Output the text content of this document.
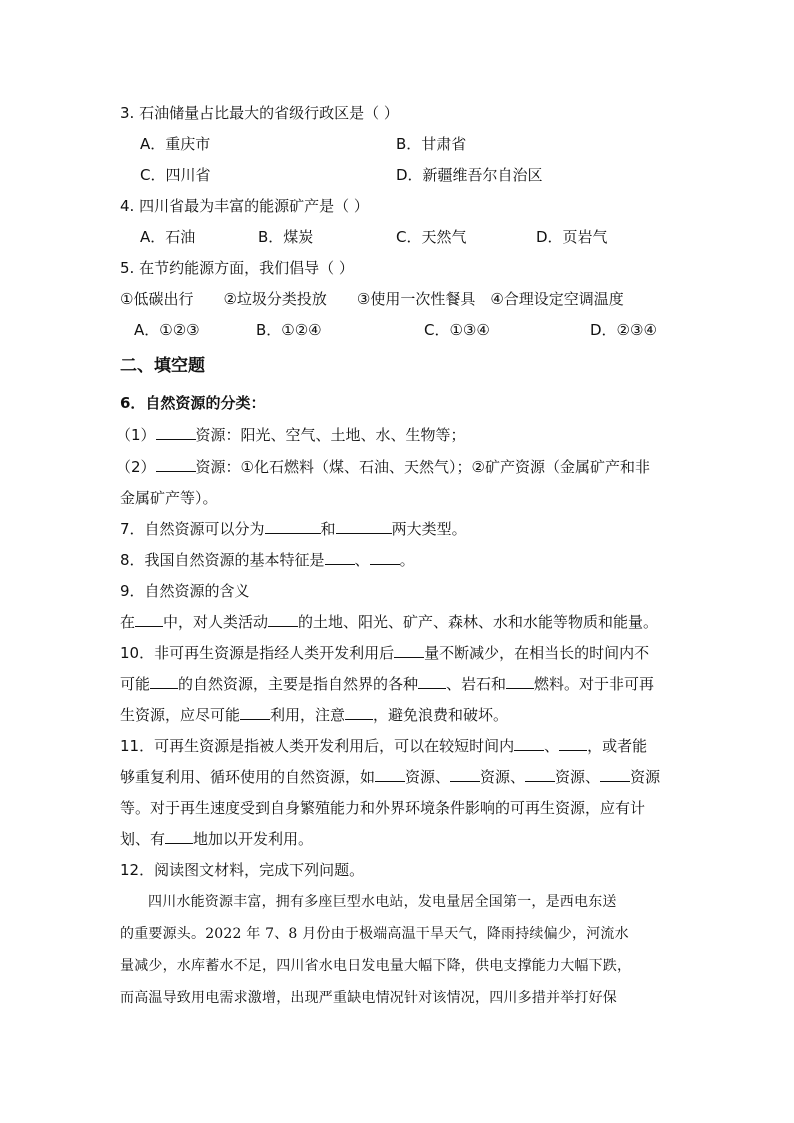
3. 石油储量占比最大的省级行政区是（ ）
A．重庆市	B．甘肃省
C．四川省	D．新疆维吾尔自治区
4. 四川省最为丰富的能源矿产是（ ）
A．石油	B．煤炭	C．天然气	D．页岩气
5. 在节约能源方面，我们倡导（ ）
①低碳出行　　②垃圾分类投放　　③使用一次性餐具　④合理设定空调温度
A．①②③	B．①②④	C．①③④	D．②③④
二、填空题
6．自然资源的分类：
（1）	资源：阳光、空气、土地、水、生物等；
（2）	资源：①化石燃料（煤、石油、天然气）；②矿产资源（金属矿产和非
金属矿产等）。
7．自然资源可以分为	和	两大类型。
8．我国自然资源的基本特征是 、 。
9．自然资源的含义
在 中，对人类活动 的土地、阳光、矿产、森林、水和水能等物质和能量。
10．非可再生资源是指经人类开发利用后 量不断减少，在相当长的时间内不
可能 的自然资源，主要是指自然界的各种 、岩石和 燃料。对于非可再
生资源，应尽可能 利用，注意 ，避免浪费和破坏。
11．可再生资源是指被人类开发利用后，可以在较短时间内 、 ，或者能
够重复利用、循环使用的自然资源，如 资源、 资源、 资源、 资源
等。对于再生速度受到自身繁殖能力和外界环境条件影响的可再生资源，应有计
划、有 地加以开发利用。
12．阅读图文材料，完成下列问题。
四川水能资源丰富，拥有多座巨型水电站，发电量居全国第一，是西电东送
的重要源头。2022 年 7、8 月份由于极端高温干旱天气，降雨持续偏少，河流水
量减少，水库蓄水不足，四川省水电日发电量大幅下降，供电支撑能力大幅下跌，
而高温导致用电需求激增，出现严重缺电情况针对该情况，四川多措并举打好保
